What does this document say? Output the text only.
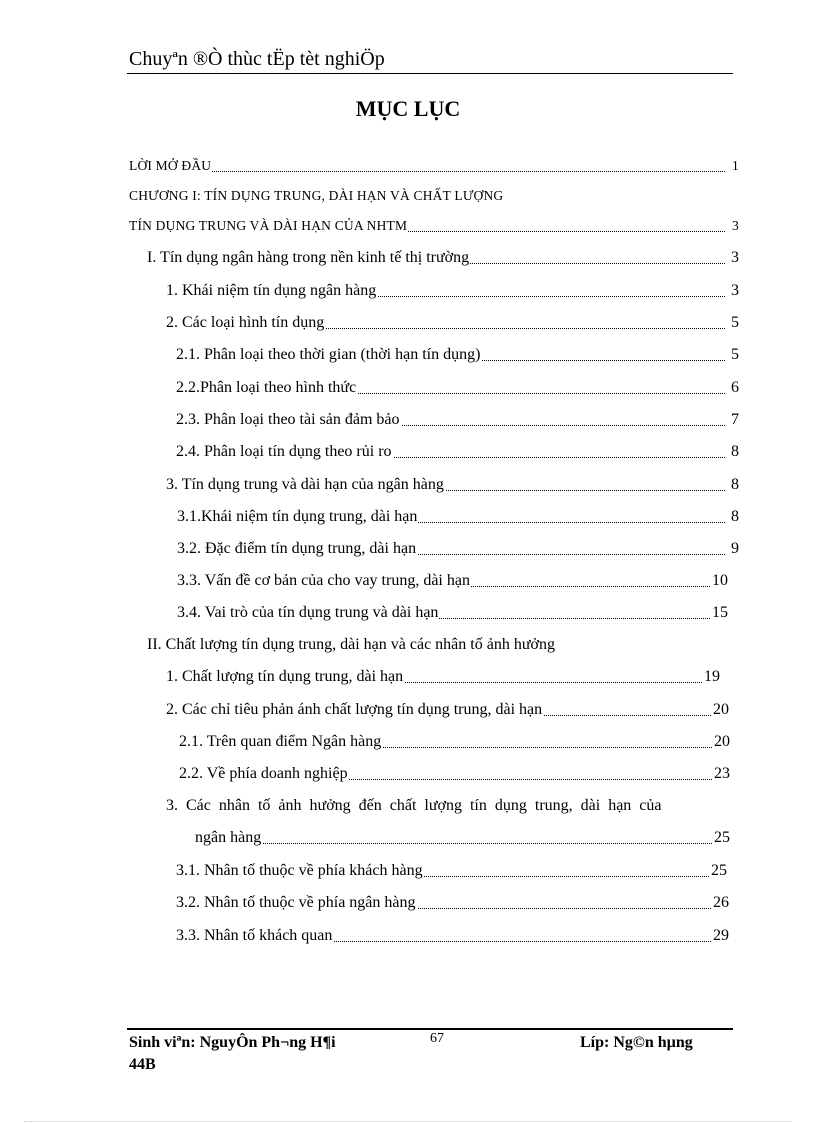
Chuyªn ®Ò thùc tËp tèt nghiÖp
MỤC LỤC
LỜI MỞ ĐẦU	1
CHƯƠNG I: TÍN DỤNG TRUNG, DÀI HẠN VÀ CHẤT LƯỢNG
TÍN DỤNG TRUNG VÀ DÀI HẠN CỦA NHTM	3
I. Tín dụng ngân hàng trong nền kinh tế thị trường	3
1. Khái niệm tín dụng ngân hàng	3
2. Các loại hình tín dụng	5
2.1. Phân loại theo thời gian (thời hạn tín dụng)	5
2.2.Phân loại theo hình thức	6
2.3. Phân loại theo tài sản đảm bảo	7
2.4. Phân loại tín dụng theo rủi ro	8
3. Tín dụng trung và dài hạn của ngân hàng	8
3.1.Khái niệm tín dụng trung, dài hạn	8
3.2. Đặc điểm tín dụng trung, dài hạn	9
3.3. Vấn đề cơ bản của cho vay trung, dài hạn	10
3.4. Vai trò của tín dụng trung và dài hạn	15
II. Chất lượng tín dụng trung, dài hạn và các nhân tố ảnh hưởng
1. Chất lượng tín dụng trung, dài hạn	19
2. Các chỉ tiêu phản ánh chất lượng tín dụng trung, dài hạn	20
2.1. Trên quan điểm Ngân hàng	20
2.2. Về phía doanh nghiệp	23
3. Các nhân tố ảnh hưởng đến chất lượng tín dụng trung, dài hạn của
ngân hàng	25
3.1. Nhân tố thuộc về phía khách hàng	25
3.2. Nhân tố thuộc về phía ngân hàng	26
3.3. Nhân tố khách quan	29
Sinh viªn: NguyÔn Ph¬ng H¶i
44B
67	Líp: Ng©n hµng
